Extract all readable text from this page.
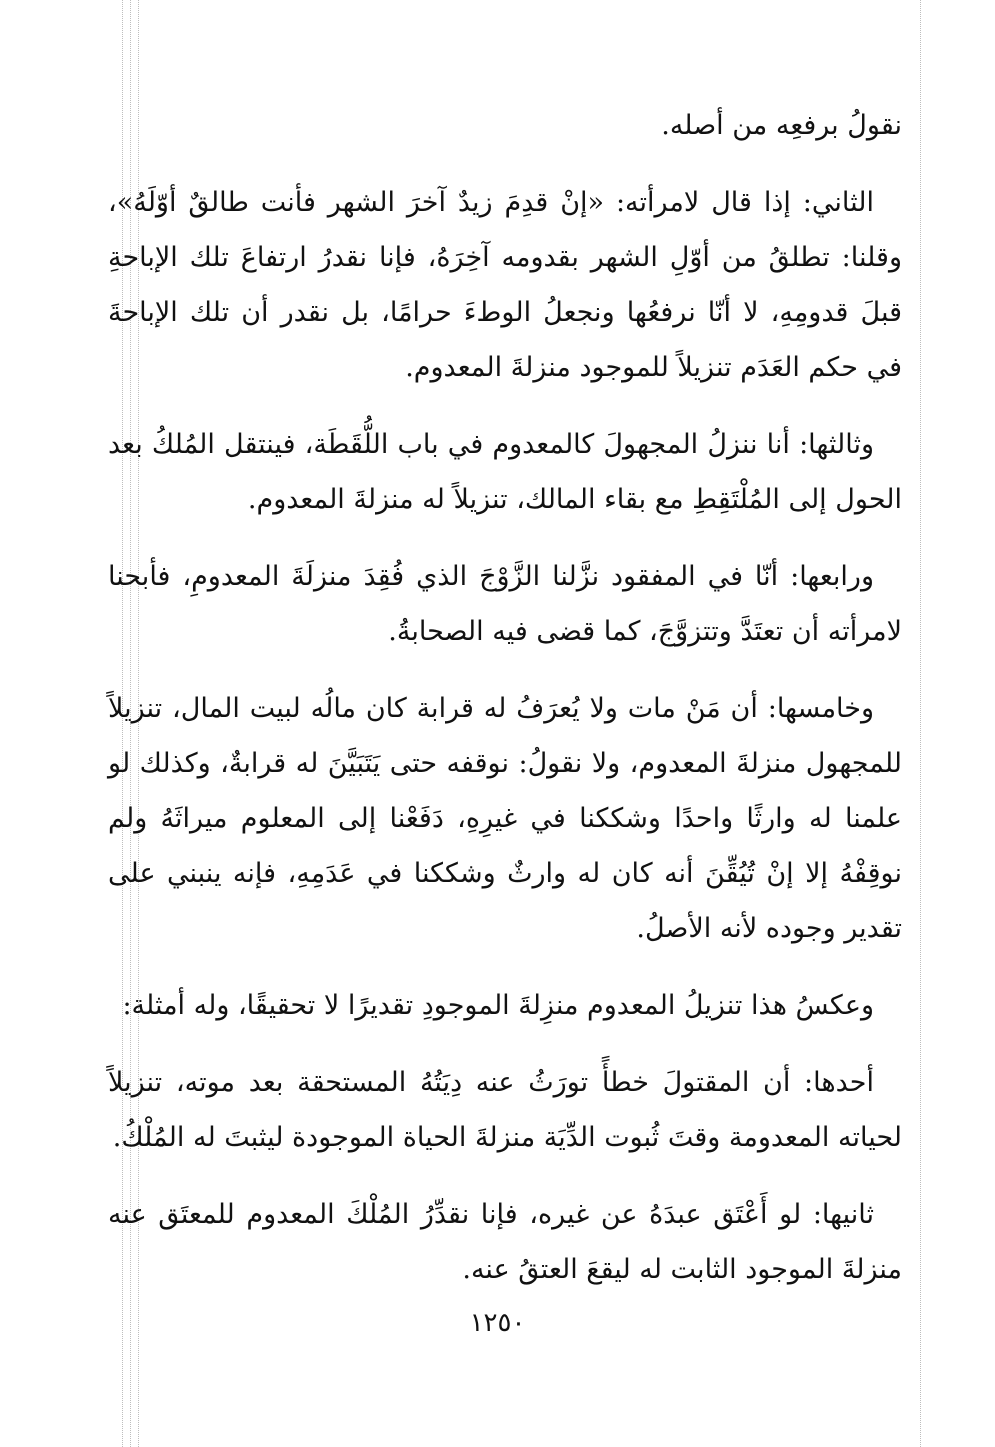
نقولُ برفعِه من أصله.

الثاني: إذا قال لامرأته: «إنْ قدِمَ زيدٌ آخرَ الشهر فأنت طالقٌ أوّلَهُ»، وقلنا: تطلقُ من أوّلِ الشهر بقدومه آخِرَهُ، فإنا نقدرُ ارتفاعَ تلك الإباحةِ قبلَ قدومِهِ، لا أنّا نرفعُها ونجعلُ الوطءَ حرامًا، بل نقدر أن تلك الإباحةَ في حكم العَدَم تنزيلاً للموجود منزلةَ المعدوم.

وثالثها: أنا ننزلُ المجهولَ كالمعدوم في باب اللُّقَطَة، فينتقل المُلكُ بعد الحول إلى المُلْتَقِطِ مع بقاء المالك، تنزيلاً له منزلةَ المعدوم.

ورابعها: أنّا في المفقود نزَّلنا الزَّوْجَ الذي فُقِدَ منزلَةَ المعدومِ، فأبحنا لامرأته أن تعتَدَّ وتتزوَّجَ، كما قضى فيه الصحابةُ.

وخامسها: أن مَنْ مات ولا يُعرَفُ له قرابة كان مالُه لبيت المال، تنزيلاً للمجهول منزلةَ المعدوم، ولا نقولُ: نوقفه حتى يَتَبَيَّنَ له قرابةٌ، وكذلك لو علمنا له وارثًا واحدًا وشككنا في غيرِهِ، دَفَعْنا إلى المعلوم ميراثَهُ ولم نوقِفْهُ إلا إنْ تُيُقِّنَ أنه كان له وارثٌ وشككنا في عَدَمِهِ، فإنه ينبني على تقدير وجوده لأنه الأصلُ.

وعكسُ هذا تنزيلُ المعدوم منزِلةَ الموجودِ تقديرًا لا تحقيقًا، وله أمثلة:

أحدها: أن المقتولَ خطأً تورَثُ عنه دِيَتُهُ المستحقة بعد موته، تنزيلاً لحياته المعدومة وقتَ ثُبوت الدِّيَة منزلةَ الحياة الموجودة ليثبتَ له المُلْكُ.

ثانيها: لو أَعْتَق عبدَهُ عن غيره، فإنا نقدِّرُ المُلْكَ المعدوم للمعتَق عنه منزلةَ الموجود الثابت له ليقعَ العتقُ عنه.

١٢٥٠
